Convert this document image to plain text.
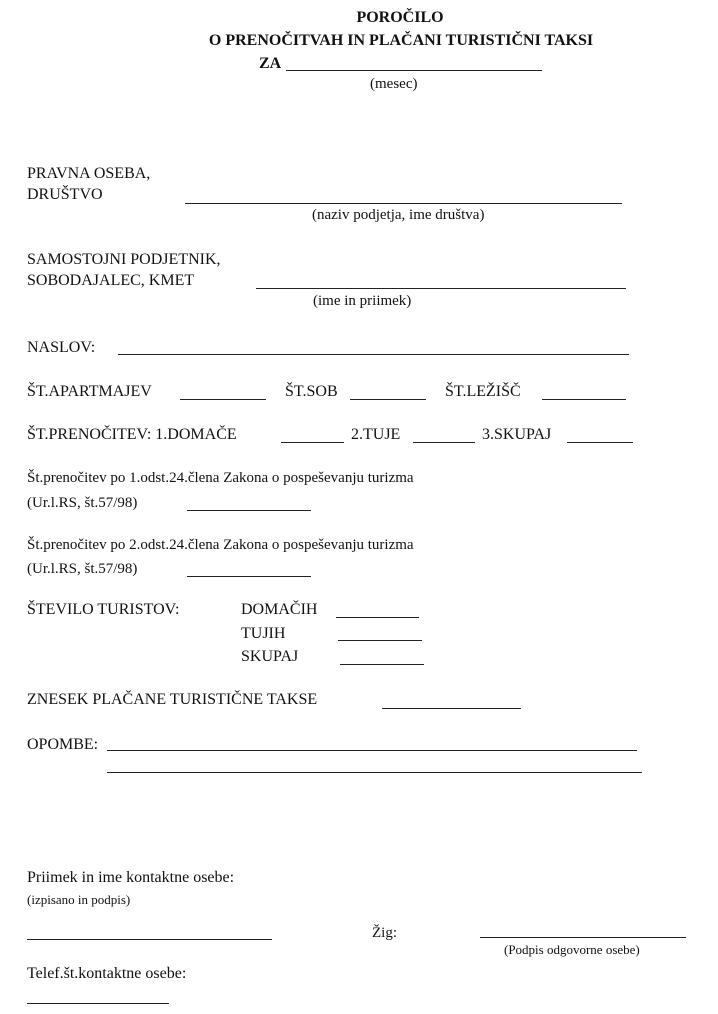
POROČILO
O PRENOČITVAH IN PLAČANI TURISTIČNI TAKSI
ZA
(mesec)
PRAVNA OSEBA,
DRUŠTVO
(naziv podjetja, ime društva)
SAMOSTOJNI PODJETNIK,
SOBODAJALEC, KMET
(ime in priimek)
NASLOV:
ŠT.APARTMAJEV	ŠT.SOB	ŠT.LEŽIŠČ
ŠT.PRENOČITEV: 1.DOMAČE	2.TUJE	3.SKUPAJ
Št.prenočitev po 1.odst.24.člena Zakona o pospeševanju turizma
(Ur.l.RS, št.57/98)
Št.prenočitev po 2.odst.24.člena Zakona o pospeševanju turizma
(Ur.l.RS, št.57/98)
ŠTEVILO TURISTOV:	DOMAČIH
TUJIH
SKUPAJ
ZNESEK PLAČANE TURISTIČNE TAKSE
OPOMBE:
Priimek in ime kontaktne osebe:
(izpisano in podpis)
Žig:
(Podpis odgovorne osebe)
Telef.št.kontaktne osebe:
